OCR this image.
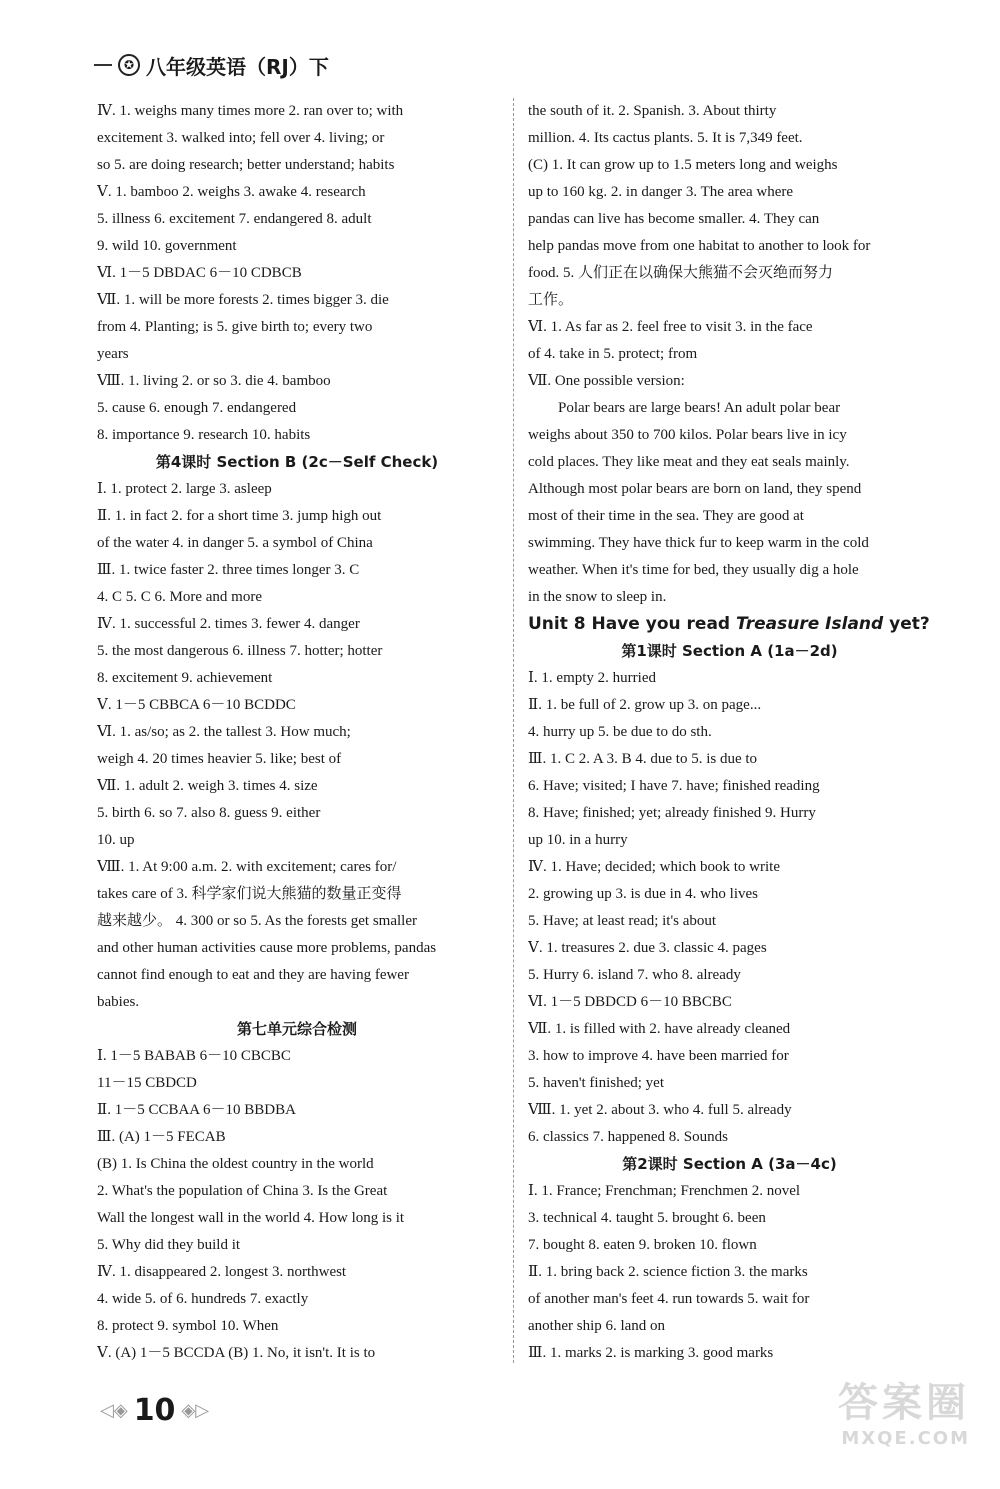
✪ 八年级英语（RJ）下
Ⅳ. 1. weighs many times more 2. ran over to; with
excitement 3. walked into; fell over 4. living; or
so 5. are doing research; better understand; habits
Ⅴ. 1. bamboo 2. weighs 3. awake 4. research
5. illness 6. excitement 7. endangered 8. adult
9. wild 10. government
Ⅵ. 1－5 DBDAC 6－10 CDBCB
Ⅶ. 1. will be more forests 2. times bigger 3. die
from 4. Planting; is 5. give birth to; every two
years
Ⅷ. 1. living 2. or so 3. die 4. bamboo
5. cause 6. enough 7. endangered
8. importance 9. research 10. habits
第4课时 Section B (2c－Self Check)
Ⅰ. 1. protect 2. large 3. asleep
Ⅱ. 1. in fact 2. for a short time 3. jump high out
of the water 4. in danger 5. a symbol of China
Ⅲ. 1. twice faster 2. three times longer 3. C
4. C 5. C 6. More and more
Ⅳ. 1. successful 2. times 3. fewer 4. danger
5. the most dangerous 6. illness 7. hotter; hotter
8. excitement 9. achievement
Ⅴ. 1－5 CBBCA 6－10 BCDDC
Ⅵ. 1. as/so; as 2. the tallest 3. How much;
weigh 4. 20 times heavier 5. like; best of
Ⅶ. 1. adult 2. weigh 3. times 4. size
5. birth 6. so 7. also 8. guess 9. either
10. up
Ⅷ. 1. At 9:00 a.m. 2. with excitement; cares for/
takes care of 3. 科学家们说大熊猫的数量正变得
越来越少。 4. 300 or so 5. As the forests get smaller
and other human activities cause more problems, pandas
cannot find enough to eat and they are having fewer
babies.
第七单元综合检测
Ⅰ. 1－5 BABAB 6－10 CBCBC
11－15 CBDCD
Ⅱ. 1－5 CCBAA 6－10 BBDBA
Ⅲ. (A) 1－5 FECAB
(B) 1. Is China the oldest country in the world
2. What's the population of China 3. Is the Great
Wall the longest wall in the world 4. How long is it
5. Why did they build it
Ⅳ. 1. disappeared 2. longest 3. northwest
4. wide 5. of 6. hundreds 7. exactly
8. protect 9. symbol 10. When
Ⅴ. (A) 1－5 BCCDA (B) 1. No, it isn't. It is to
the south of it. 2. Spanish. 3. About thirty
million. 4. Its cactus plants. 5. It is 7,349 feet.
(C) 1. It can grow up to 1.5 meters long and weighs
up to 160 kg. 2. in danger 3. The area where
pandas can live has become smaller. 4. They can
help pandas move from one habitat to another to look for
food. 5. 人们正在以确保大熊猫不会灭绝而努力
工作。
Ⅵ. 1. As far as 2. feel free to visit 3. in the face
of 4. take in 5. protect; from
Ⅶ. One possible version:
Polar bears are large bears! An adult polar bear
weighs about 350 to 700 kilos. Polar bears live in icy
cold places. They like meat and they eat seals mainly.
Although most polar bears are born on land, they spend
most of their time in the sea. They are good at
swimming. They have thick fur to keep warm in the cold
weather. When it's time for bed, they usually dig a hole
in the snow to sleep in.
Unit 8 Have you read Treasure Island yet?
第1课时 Section A (1a－2d)
Ⅰ. 1. empty 2. hurried
Ⅱ. 1. be full of 2. grow up 3. on page...
4. hurry up 5. be due to do sth.
Ⅲ. 1. C 2. A 3. B 4. due to 5. is due to
6. Have; visited; I have 7. have; finished reading
8. Have; finished; yet; already finished 9. Hurry
up 10. in a hurry
Ⅳ. 1. Have; decided; which book to write
2. growing up 3. is due in 4. who lives
5. Have; at least read; it's about
Ⅴ. 1. treasures 2. due 3. classic 4. pages
5. Hurry 6. island 7. who 8. already
Ⅵ. 1－5 DBDCD 6－10 BBCBC
Ⅶ. 1. is filled with 2. have already cleaned
3. how to improve 4. have been married for
5. haven't finished; yet
Ⅷ. 1. yet 2. about 3. who 4. full 5. already
6. classics 7. happened 8. Sounds
第2课时 Section A (3a－4c)
Ⅰ. 1. France; Frenchman; Frenchmen 2. novel
3. technical 4. taught 5. brought 6. been
7. bought 8. eaten 9. broken 10. flown
Ⅱ. 1. bring back 2. science fiction 3. the marks
of another man's feet 4. run towards 5. wait for
another ship 6. land on
Ⅲ. 1. marks 2. is marking 3. good marks
◁◈ 10 ◈▷	答案圈
MXQE.COM
